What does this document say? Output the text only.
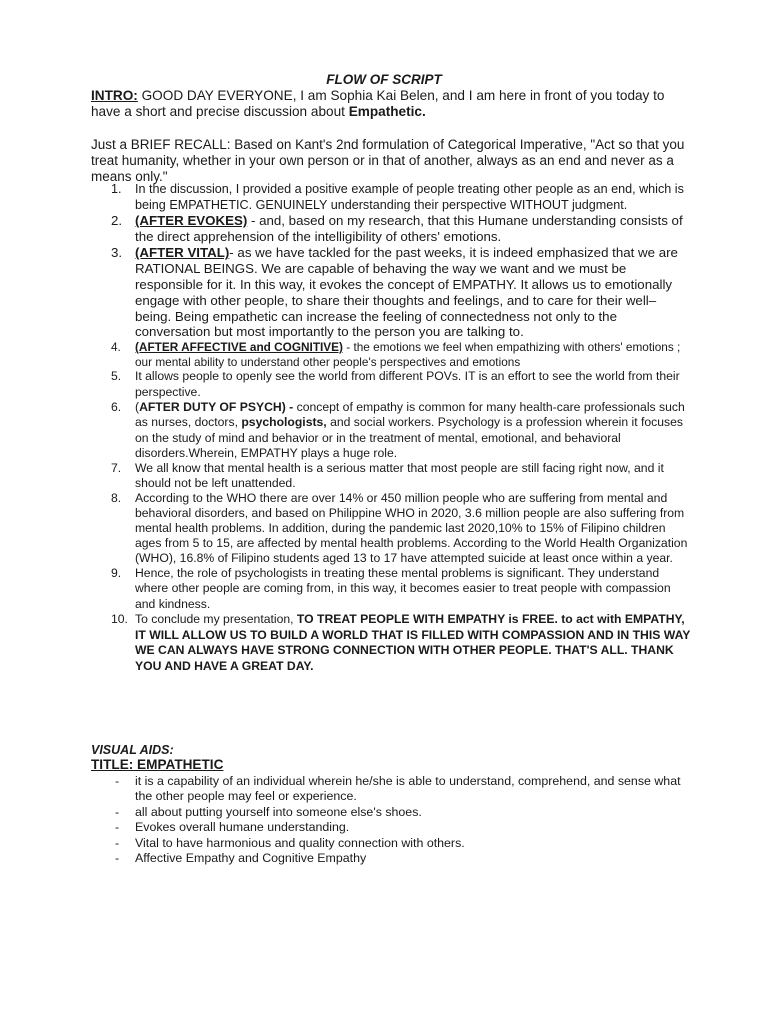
FLOW OF SCRIPT
INTRO: GOOD DAY EVERYONE, I am Sophia Kai Belen, and I am here in front of you today to have a short and precise discussion about Empathetic.
Just a BRIEF RECALL: Based on Kant's 2nd formulation of Categorical Imperative, "Act so that you treat humanity, whether in your own person or in that of another, always as an end and never as a means only."
1. In the discussion, I provided a positive example of people treating other people as an end, which is being EMPATHETIC. GENUINELY understanding their perspective WITHOUT judgment.
2. (AFTER EVOKES) - and, based on my research, that this Humane understanding consists of the direct apprehension of the intelligibility of others' emotions.
3. (AFTER VITAL)- as we have tackled for the past weeks, it is indeed emphasized that we are RATIONAL BEINGS. We are capable of behaving the way we want and we must be responsible for it. In this way, it evokes the concept of EMPATHY. It allows us to emotionally engage with other people, to share their thoughts and feelings, and to care for their well–being. Being empathetic can increase the feeling of connectedness not only to the conversation but most importantly to the person you are talking to.
4. (AFTER AFFECTIVE and COGNITIVE) - the emotions we feel when empathizing with others' emotions ; our mental ability to understand other people's perspectives and emotions
5. It allows people to openly see the world from different POVs. IT is an effort to see the world from their perspective.
6. (AFTER DUTY OF PSYCH) - concept of empathy is common for many health-care professionals such as nurses, doctors, psychologists, and social workers. Psychology is a profession wherein it focuses on the study of mind and behavior or in the treatment of mental, emotional, and behavioral disorders.Wherein, EMPATHY plays a huge role.
7. We all know that mental health is a serious matter that most people are still facing right now, and it should not be left unattended.
8. According to the WHO there are over 14% or 450 million people who are suffering from mental and behavioral disorders, and based on Philippine WHO in 2020, 3.6 million people are also suffering from mental health problems. In addition, during the pandemic last 2020,10% to 15% of Filipino children ages from 5 to 15, are affected by mental health problems. According to the World Health Organization (WHO), 16.8% of Filipino students aged 13 to 17 have attempted suicide at least once within a year.
9. Hence, the role of psychologists in treating these mental problems is significant. They understand where other people are coming from, in this way, it becomes easier to treat people with compassion and kindness.
10. To conclude my presentation, TO TREAT PEOPLE WITH EMPATHY is FREE. to act with EMPATHY, IT WILL ALLOW US TO BUILD A WORLD THAT IS FILLED WITH COMPASSION AND IN THIS WAY WE CAN ALWAYS HAVE STRONG CONNECTION WITH OTHER PEOPLE. THAT'S ALL. THANK YOU AND HAVE A GREAT DAY.
VISUAL AIDS:
TITLE: EMPATHETIC
- it is a capability of an individual wherein he/she is able to understand, comprehend, and sense what the other people may feel or experience.
- all about putting yourself into someone else's shoes.
- Evokes overall humane understanding.
- Vital to have harmonious and quality connection with others.
- Affective Empathy and Cognitive Empathy
